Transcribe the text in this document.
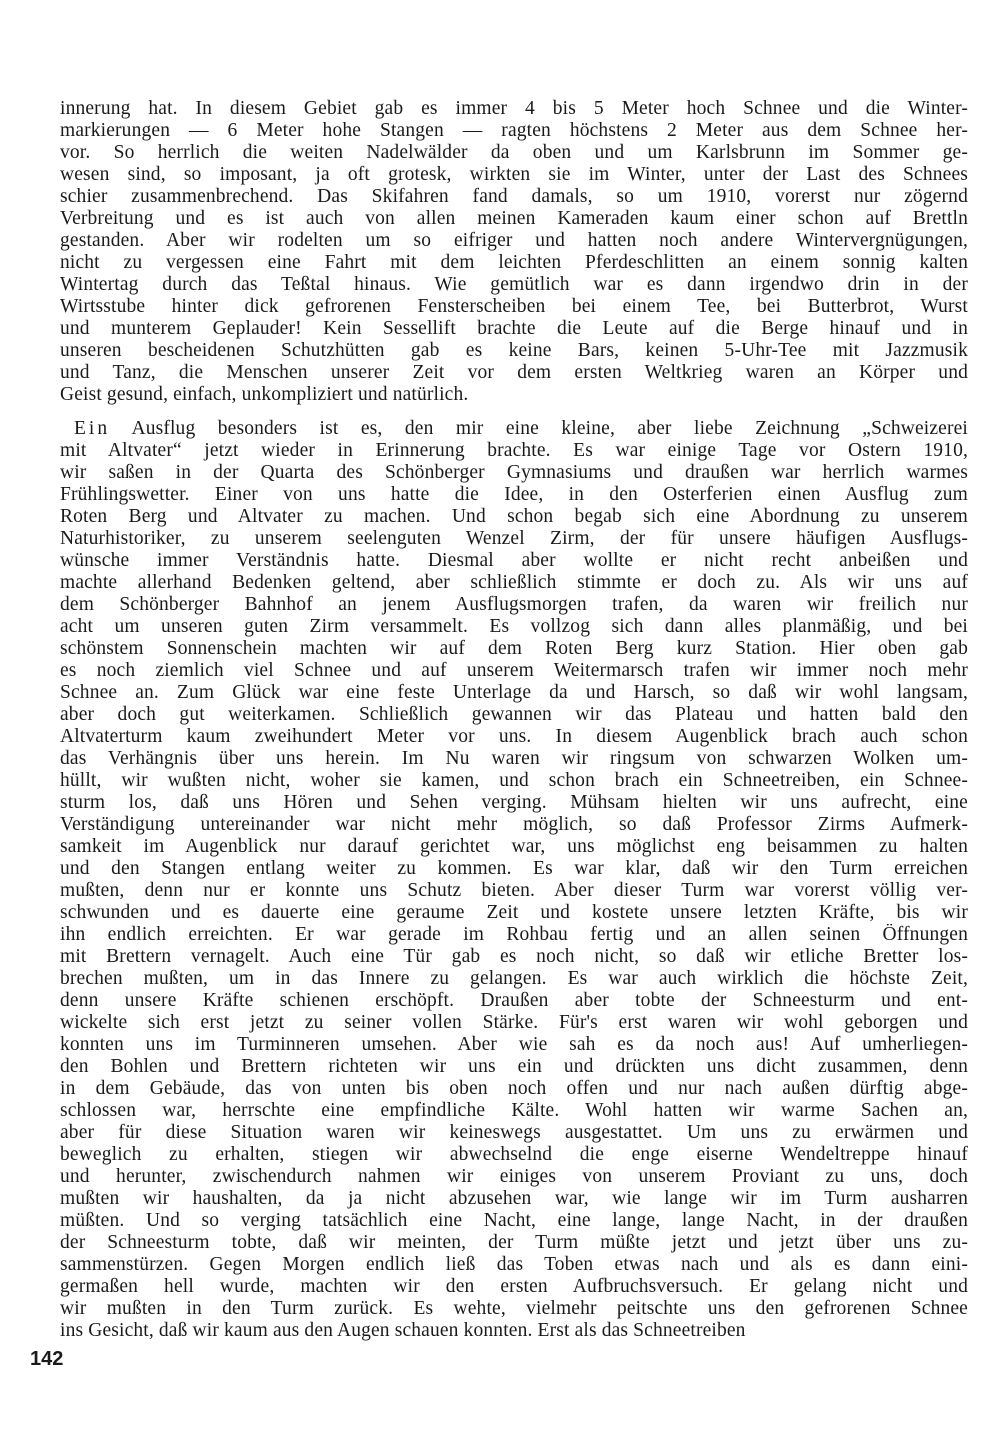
innerung hat. In diesem Gebiet gab es immer 4 bis 5 Meter hoch Schnee und die Winter-
markierungen — 6 Meter hohe Stangen — ragten höchstens 2 Meter aus dem Schnee her-
vor. So herrlich die weiten Nadelwälder da oben und um Karlsbrunn im Sommer ge-
wesen sind, so imposant, ja oft grotesk, wirkten sie im Winter, unter der Last des Schnees
schier zusammenbrechend. Das Skifahren fand damals, so um 1910, vorerst nur zögernd
Verbreitung und es ist auch von allen meinen Kameraden kaum einer schon auf Brettln
gestanden. Aber wir rodelten um so eifriger und hatten noch andere Wintervergnügungen,
nicht zu vergessen eine Fahrt mit dem leichten Pferdeschlitten an einem sonnig kalten
Wintertag durch das Teßtal hinaus. Wie gemütlich war es dann irgendwo drin in der
Wirtsstube hinter dick gefrorenen Fensterscheiben bei einem Tee, bei Butterbrot, Wurst
und munterem Geplauder! Kein Sessellift brachte die Leute auf die Berge hinauf und in
unseren bescheidenen Schutzhütten gab es keine Bars, keinen 5-Uhr-Tee mit Jazzmusik
und Tanz, die Menschen unserer Zeit vor dem ersten Weltkrieg waren an Körper und
Geist gesund, einfach, unkompliziert und natürlich.
Ein Ausflug besonders ist es, den mir eine kleine, aber liebe Zeichnung „Schweizerei
mit Altvater“ jetzt wieder in Erinnerung brachte. Es war einige Tage vor Ostern 1910,
wir saßen in der Quarta des Schönberger Gymnasiums und draußen war herrlich warmes
Frühlingswetter. Einer von uns hatte die Idee, in den Osterferien einen Ausflug zum
Roten Berg und Altvater zu machen. Und schon begab sich eine Abordnung zu unserem
Naturhistoriker, zu unserem seelenguten Wenzel Zirm, der für unsere häufigen Ausflugs-
wünsche immer Verständnis hatte. Diesmal aber wollte er nicht recht anbeißen und
machte allerhand Bedenken geltend, aber schließlich stimmte er doch zu. Als wir uns auf
dem Schönberger Bahnhof an jenem Ausflugsmorgen trafen, da waren wir freilich nur
acht um unseren guten Zirm versammelt. Es vollzog sich dann alles planmäßig, und bei
schönstem Sonnenschein machten wir auf dem Roten Berg kurz Station. Hier oben gab
es noch ziemlich viel Schnee und auf unserem Weitermarsch trafen wir immer noch mehr
Schnee an. Zum Glück war eine feste Unterlage da und Harsch, so daß wir wohl langsam,
aber doch gut weiterkamen. Schließlich gewannen wir das Plateau und hatten bald den
Altvaterturm kaum zweihundert Meter vor uns. In diesem Augenblick brach auch schon
das Verhängnis über uns herein. Im Nu waren wir ringsum von schwarzen Wolken um-
hüllt, wir wußten nicht, woher sie kamen, und schon brach ein Schneetreiben, ein Schnee-
sturm los, daß uns Hören und Sehen verging. Mühsam hielten wir uns aufrecht, eine
Verständigung untereinander war nicht mehr möglich, so daß Professor Zirms Aufmerk-
samkeit im Augenblick nur darauf gerichtet war, uns möglichst eng beisammen zu halten
und den Stangen entlang weiter zu kommen. Es war klar, daß wir den Turm erreichen
mußten, denn nur er konnte uns Schutz bieten. Aber dieser Turm war vorerst völlig ver-
schwunden und es dauerte eine geraume Zeit und kostete unsere letzten Kräfte, bis wir
ihn endlich erreichten. Er war gerade im Rohbau fertig und an allen seinen Öffnungen
mit Brettern vernagelt. Auch eine Tür gab es noch nicht, so daß wir etliche Bretter los-
brechen mußten, um in das Innere zu gelangen. Es war auch wirklich die höchste Zeit,
denn unsere Kräfte schienen erschöpft. Draußen aber tobte der Schneesturm und ent-
wickelte sich erst jetzt zu seiner vollen Stärke. Für's erst waren wir wohl geborgen und
konnten uns im Turminneren umsehen. Aber wie sah es da noch aus! Auf umherliegen-
den Bohlen und Brettern richteten wir uns ein und drückten uns dicht zusammen, denn
in dem Gebäude, das von unten bis oben noch offen und nur nach außen dürftig abge-
schlossen war, herrschte eine empfindliche Kälte. Wohl hatten wir warme Sachen an,
aber für diese Situation waren wir keineswegs ausgestattet. Um uns zu erwärmen und
beweglich zu erhalten, stiegen wir abwechselnd die enge eiserne Wendeltreppe hinauf
und herunter, zwischendurch nahmen wir einiges von unserem Proviant zu uns, doch
mußten wir haushalten, da ja nicht abzusehen war, wie lange wir im Turm ausharren
müßten. Und so verging tatsächlich eine Nacht, eine lange, lange Nacht, in der draußen
der Schneesturm tobte, daß wir meinten, der Turm müßte jetzt und jetzt über uns zu-
sammenstürzen. Gegen Morgen endlich ließ das Toben etwas nach und als es dann eini-
germaßen hell wurde, machten wir den ersten Aufbruchsversuch. Er gelang nicht und
wir mußten in den Turm zurück. Es wehte, vielmehr peitschte uns den gefrorenen Schnee
ins Gesicht, daß wir kaum aus den Augen schauen konnten. Erst als das Schneetreiben
142
